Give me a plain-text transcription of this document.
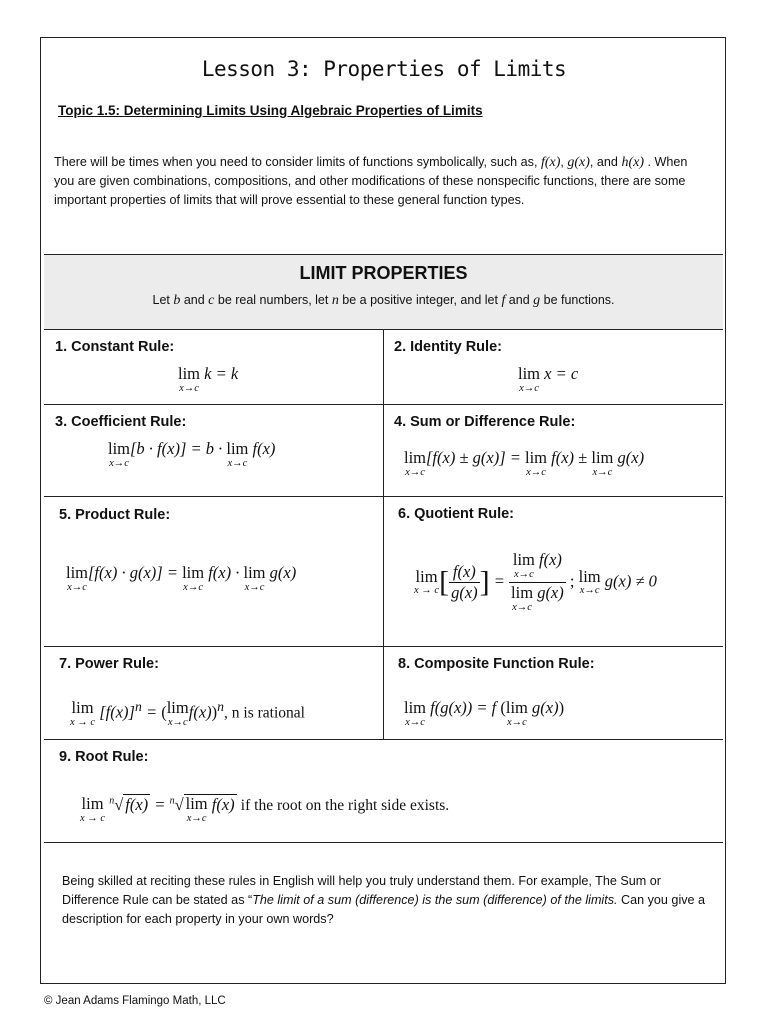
Lesson 3: Properties of Limits
Topic 1.5: Determining Limits Using Algebraic Properties of Limits
There will be times when you need to consider limits of functions symbolically, such as, f(x), g(x), and h(x) . When you are given combinations, compositions, and other modifications of these nonspecific functions, there are some important properties of limits that will prove essential to these general function types.
LIMIT PROPERTIES
Let b and c be real numbers, let n be a positive integer, and let f and g be functions.
1. Constant Rule:
lim
x→c
k = k
2. Identity Rule:
lim
x→c
x = c
3. Coefficient Rule:
lim
x→c
[b · f(x)] = b · lim
x→c
f(x)
4. Sum or Difference Rule:
lim
x→c
[f(x) ± g(x)] = lim
x→c
f(x) ± lim
x→c
g(x)
5. Product Rule:
lim
x→c
[f(x) · g(x)] = lim
x→c
f(x) · lim
x→c
g(x)
6. Quotient Rule:
lim
x → c [ $\frac{f(x)}{g(x)}$ ] = lim
x→c
f(x)
lim
x→c
g(x) ; lim
x→c
g(x) ≠ 0
7. Power Rule:
lim
x → c
$[f(x)]^n$ = ( lim
x→c
f(x))$^n$, n is rational
8. Composite Function Rule:
lim
x→c
f(g(x)) = f ( lim
x→c
g(x))
9. Root Rule:
lim
x → c
$^n$√ f(x) = $^n$√ lim
x→c
f(x) if the root on the right side exists.
Being skilled at reciting these rules in English will help you truly understand them. For example, The Sum or Difference Rule can be stated as “The limit of a sum (difference) is the sum (difference) of the limits. Can you give a description for each property in your own words?
© Jean Adams Flamingo Math, LLC
